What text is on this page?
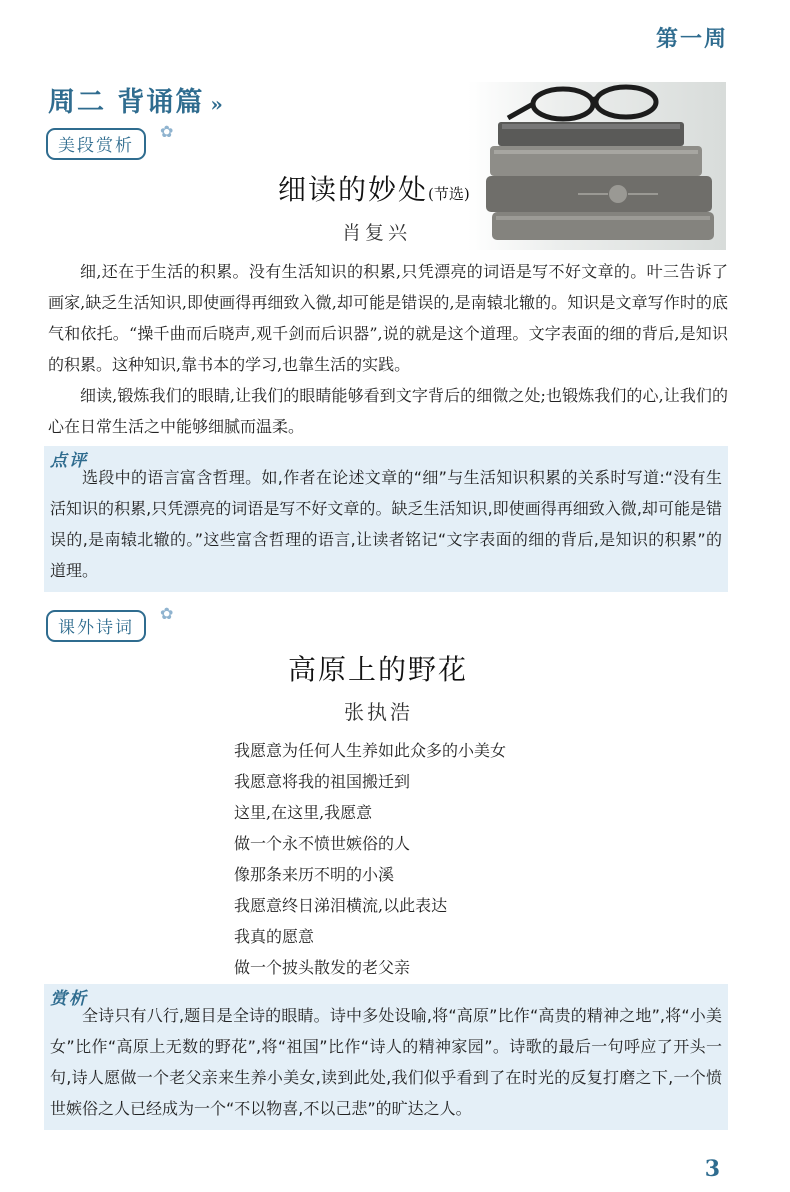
第一周
周二 背诵篇 »
美段赏析
✿
细读的妙处(节选)
肖复兴
细,还在于生活的积累。没有生活知识的积累,只凭漂亮的词语是写不好文章的。叶三告诉了画家,缺乏生活知识,即使画得再细致入微,却可能是错误的,是南辕北辙的。知识是文章写作时的底气和依托。“操千曲而后晓声,观千剑而后识器”,说的就是这个道理。文字表面的细的背后,是知识的积累。这种知识,靠书本的学习,也靠生活的实践。
细读,锻炼我们的眼睛,让我们的眼睛能够看到文字背后的细微之处;也锻炼我们的心,让我们的心在日常生活之中能够细腻而温柔。
点评
选段中的语言富含哲理。如,作者在论述文章的“细”与生活知识积累的关系时写道:“没有生活知识的积累,只凭漂亮的词语是写不好文章的。缺乏生活知识,即使画得再细致入微,却可能是错误的,是南辕北辙的。”这些富含哲理的语言,让读者铭记“文字表面的细的背后,是知识的积累”的道理。
课外诗词
✿
高原上的野花
张执浩
我愿意为任何人生养如此众多的小美女
我愿意将我的祖国搬迁到
这里,在这里,我愿意
做一个永不愤世嫉俗的人
像那条来历不明的小溪
我愿意终日涕泪横流,以此表达
我真的愿意
做一个披头散发的老父亲
赏析
全诗只有八行,题目是全诗的眼睛。诗中多处设喻,将“高原”比作“高贵的精神之地”,将“小美女”比作“高原上无数的野花”,将“祖国”比作“诗人的精神家园”。诗歌的最后一句呼应了开头一句,诗人愿做一个老父亲来生养小美女,读到此处,我们似乎看到了在时光的反复打磨之下,一个愤世嫉俗之人已经成为一个“不以物喜,不以己悲”的旷达之人。
3
